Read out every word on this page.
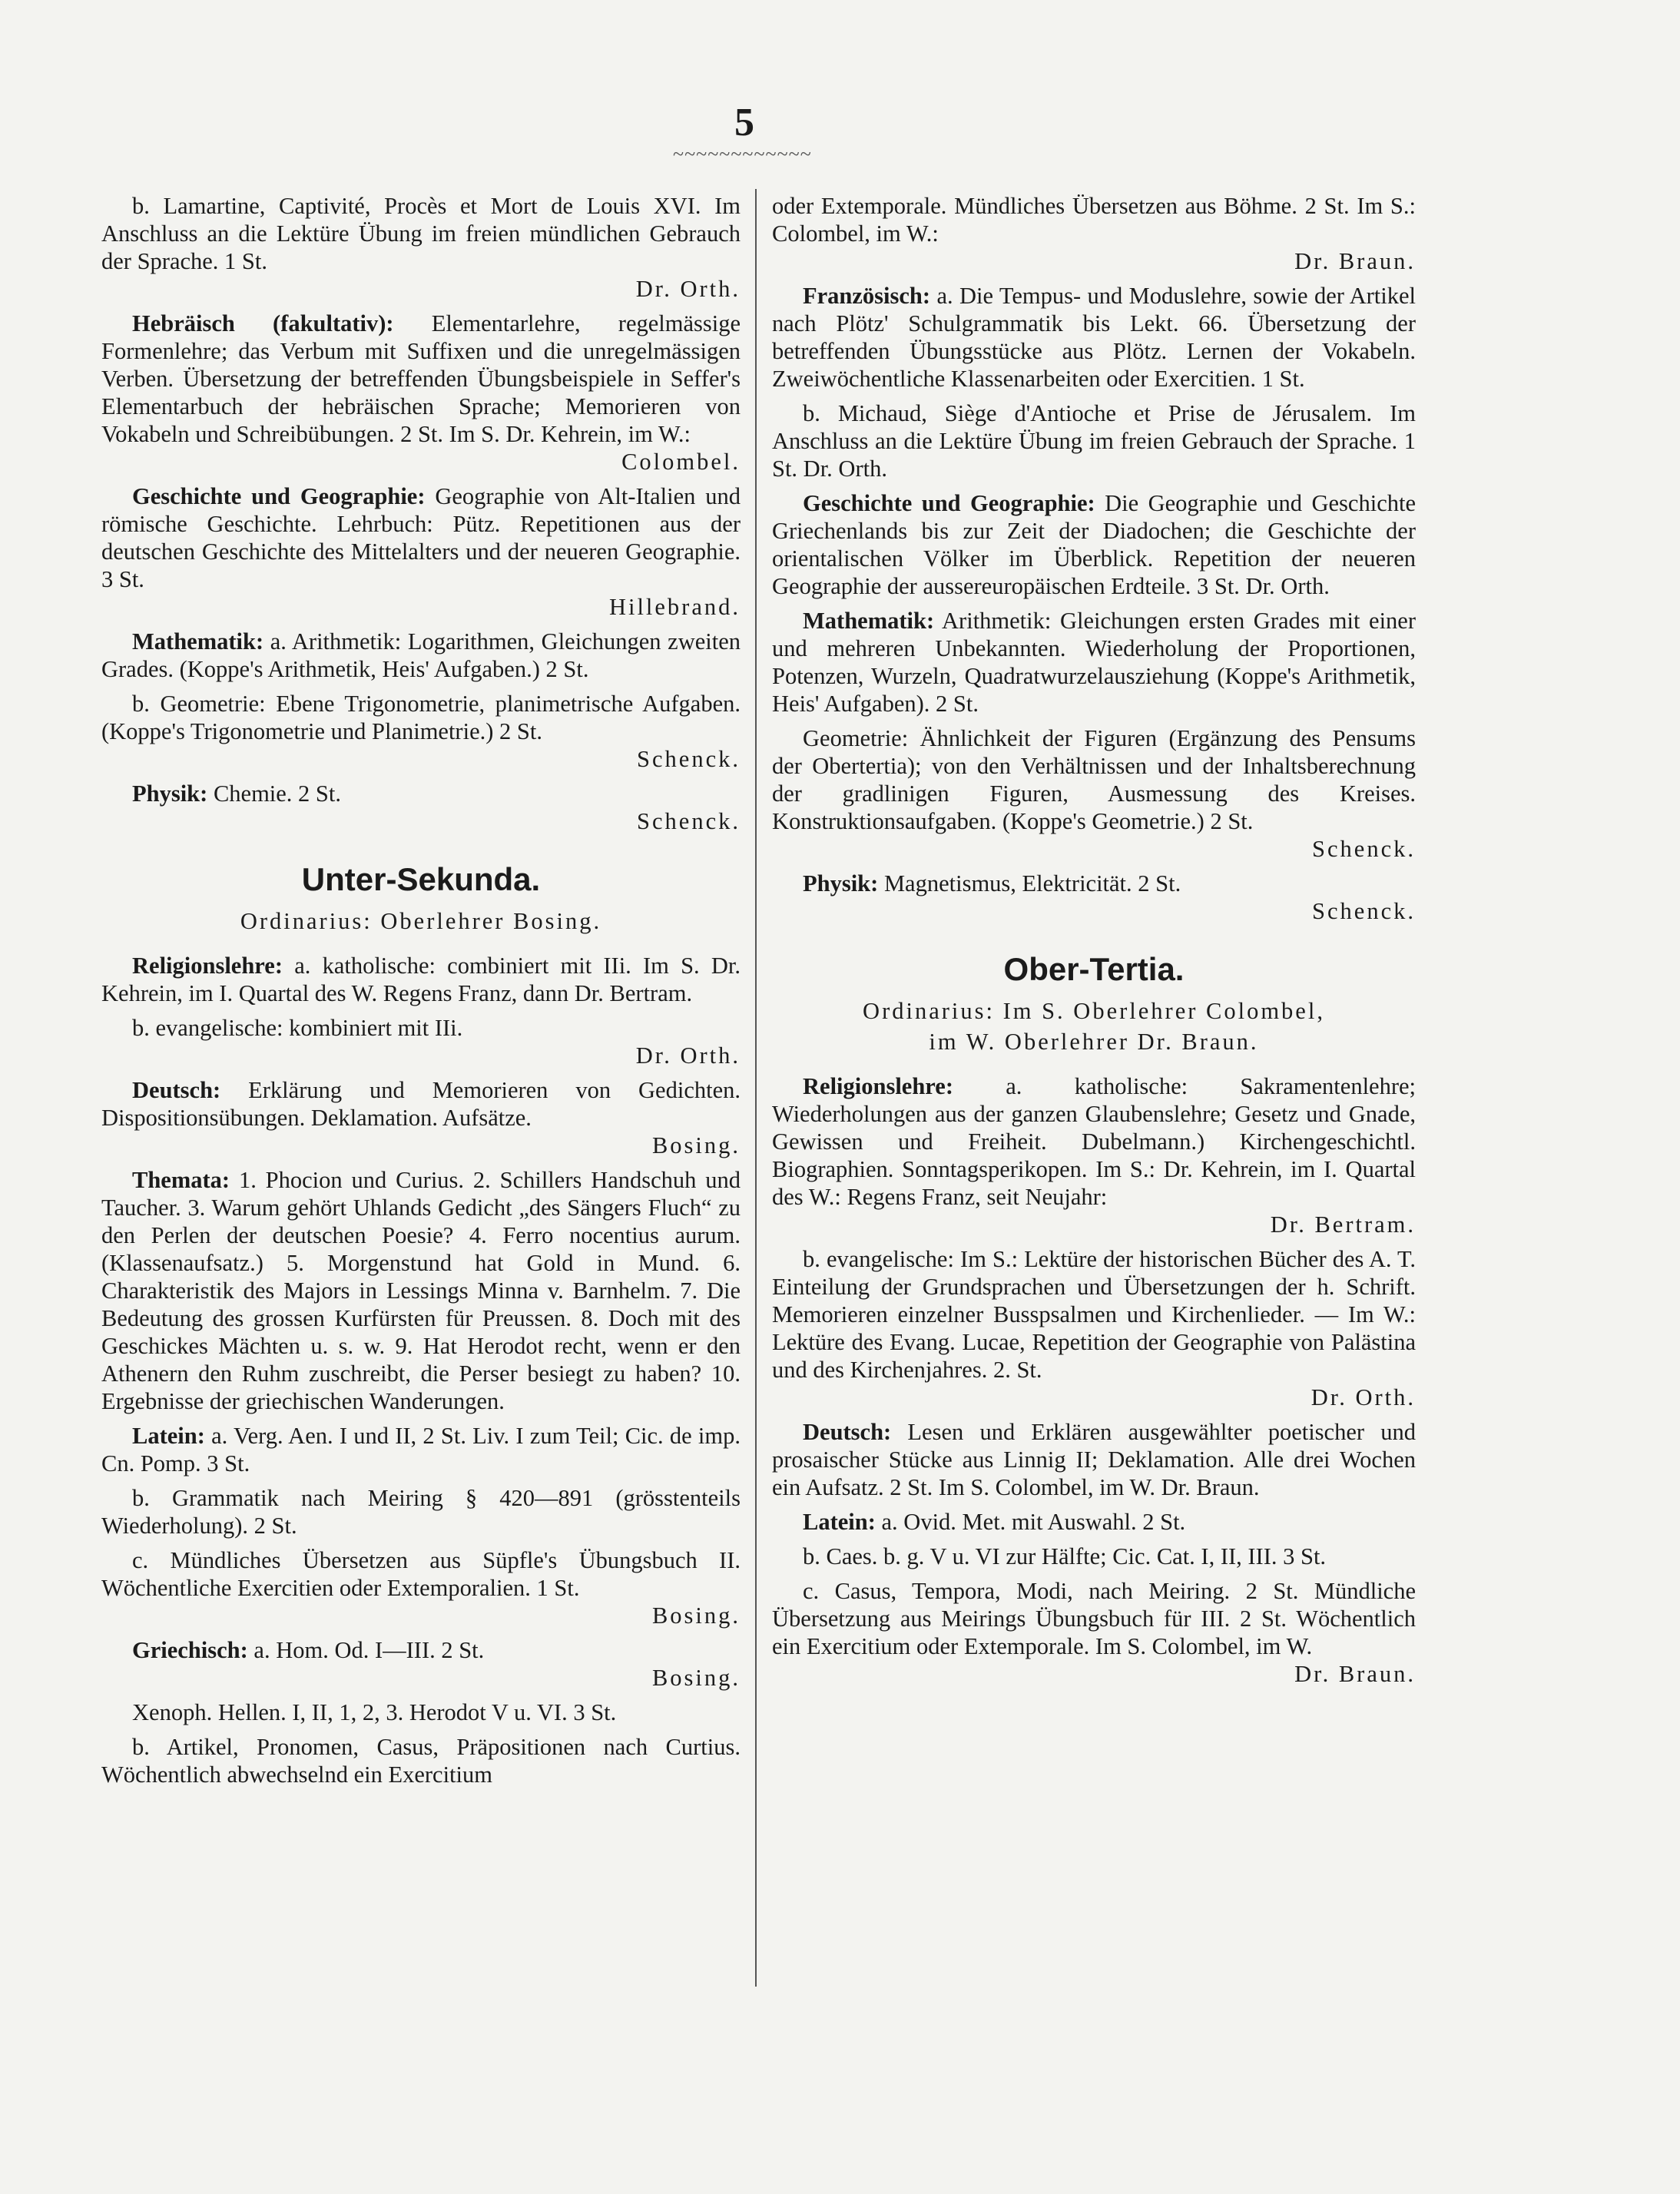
5
~~~~~~~~~~~~

b. Lamartine, Captivité, Procès et Mort de Louis XVI. Im Anschluss an die Lektüre Übung im freien mündlichen Gebrauch der Sprache. 1 St.
Dr. Orth.

Hebräisch (fakultativ): Elementarlehre, regelmässige Formenlehre; das Verbum mit Suffixen und die unregelmässigen Verben. Übersetzung der betreffenden Übungsbeispiele in Seffer's Elementarbuch der hebräischen Sprache; Memorieren von Vokabeln und Schreibübungen. 2 St. Im S. Dr. Kehrein, im W.:
Colombel.

Geschichte und Geographie: Geographie von Alt-Italien und römische Geschichte. Lehrbuch: Pütz. Repetitionen aus der deutschen Geschichte des Mittelalters und der neueren Geographie. 3 St.
Hillebrand.

Mathematik: a. Arithmetik: Logarithmen, Gleichungen zweiten Grades. (Koppe's Arithmetik, Heis' Aufgaben.) 2 St.

b. Geometrie: Ebene Trigonometrie, planimetrische Aufgaben. (Koppe's Trigonometrie und Planimetrie.) 2 St.
Schenck.

Physik: Chemie. 2 St.
Schenck.

Unter-Sekunda.
Ordinarius: Oberlehrer Bosing.

Religionslehre: a. katholische: combiniert mit IIi. Im S. Dr. Kehrein, im I. Quartal des W. Regens Franz, dann Dr. Bertram.

b. evangelische: kombiniert mit IIi.
Dr. Orth.

Deutsch: Erklärung und Memorieren von Gedichten. Dispositionsübungen. Deklamation. Aufsätze.
Bosing.

Themata: 1. Phocion und Curius. 2. Schillers Handschuh und Taucher. 3. Warum gehört Uhlands Gedicht „des Sängers Fluch“ zu den Perlen der deutschen Poesie? 4. Ferro nocentius aurum. (Klassenaufsatz.) 5. Morgenstund hat Gold in Mund. 6. Charakteristik des Majors in Lessings Minna v. Barnhelm. 7. Die Bedeutung des grossen Kurfürsten für Preussen. 8. Doch mit des Geschickes Mächten u. s. w. 9. Hat Herodot recht, wenn er den Athenern den Ruhm zuschreibt, die Perser besiegt zu haben? 10. Ergebnisse der griechischen Wanderungen.

Latein: a. Verg. Aen. I und II, 2 St. Liv. I zum Teil; Cic. de imp. Cn. Pomp. 3 St.

b. Grammatik nach Meiring § 420—891 (grösstenteils Wiederholung). 2 St.

c. Mündliches Übersetzen aus Süpfle's Übungsbuch II. Wöchentliche Exercitien oder Extemporalien. 1 St.
Bosing.

Griechisch: a. Hom. Od. I—III. 2 St.
Bosing.

Xenoph. Hellen. I, II, 1, 2, 3. Herodot V u. VI. 3 St.

b. Artikel, Pronomen, Casus, Präpositionen nach Curtius. Wöchentlich abwechselnd ein Exercitium

oder Extemporale. Mündliches Übersetzen aus Böhme. 2 St. Im S.: Colombel, im W.:
Dr. Braun.

Französisch: a. Die Tempus- und Moduslehre, sowie der Artikel nach Plötz' Schulgrammatik bis Lekt. 66. Übersetzung der betreffenden Übungsstücke aus Plötz. Lernen der Vokabeln. Zweiwöchentliche Klassenarbeiten oder Exercitien. 1 St.

b. Michaud, Siège d'Antioche et Prise de Jérusalem. Im Anschluss an die Lektüre Übung im freien Gebrauch der Sprache. 1 St. Dr. Orth.

Geschichte und Geographie: Die Geographie und Geschichte Griechenlands bis zur Zeit der Diadochen; die Geschichte der orientalischen Völker im Überblick. Repetition der neueren Geographie der aussereuropäischen Erdteile. 3 St. Dr. Orth.

Mathematik: Arithmetik: Gleichungen ersten Grades mit einer und mehreren Unbekannten. Wiederholung der Proportionen, Potenzen, Wurzeln, Quadratwurzelausziehung (Koppe's Arithmetik, Heis' Aufgaben). 2 St.

Geometrie: Ähnlichkeit der Figuren (Ergänzung des Pensums der Obertertia); von den Verhältnissen und der Inhaltsberechnung der gradlinigen Figuren, Ausmessung des Kreises. Konstruktionsaufgaben. (Koppe's Geometrie.) 2 St.
Schenck.

Physik: Magnetismus, Elektricität. 2 St.
Schenck.

Ober-Tertia.
Ordinarius: Im S. Oberlehrer Colombel,
im W. Oberlehrer Dr. Braun.

Religionslehre: a. katholische: Sakramentenlehre; Wiederholungen aus der ganzen Glaubenslehre; Gesetz und Gnade, Gewissen und Freiheit. Dubelmann.) Kirchengeschichtl. Biographien. Sonntagsperikopen. Im S.: Dr. Kehrein, im I. Quartal des W.: Regens Franz, seit Neujahr:
Dr. Bertram.

b. evangelische: Im S.: Lektüre der historischen Bücher des A. T. Einteilung der Grundsprachen und Übersetzungen der h. Schrift. Memorieren einzelner Busspsalmen und Kirchenlieder. — Im W.: Lektüre des Evang. Lucae, Repetition der Geographie von Palästina und des Kirchenjahres. 2. St.
Dr. Orth.

Deutsch: Lesen und Erklären ausgewählter poetischer und prosaischer Stücke aus Linnig II; Deklamation. Alle drei Wochen ein Aufsatz. 2 St. Im S. Colombel, im W. Dr. Braun.

Latein: a. Ovid. Met. mit Auswahl. 2 St.

b. Caes. b. g. V u. VI zur Hälfte; Cic. Cat. I, II, III. 3 St.

c. Casus, Tempora, Modi, nach Meiring. 2 St. Mündliche Übersetzung aus Meirings Übungsbuch für III. 2 St. Wöchentlich ein Exercitium oder Extemporale. Im S. Colombel, im W.
Dr. Braun.
